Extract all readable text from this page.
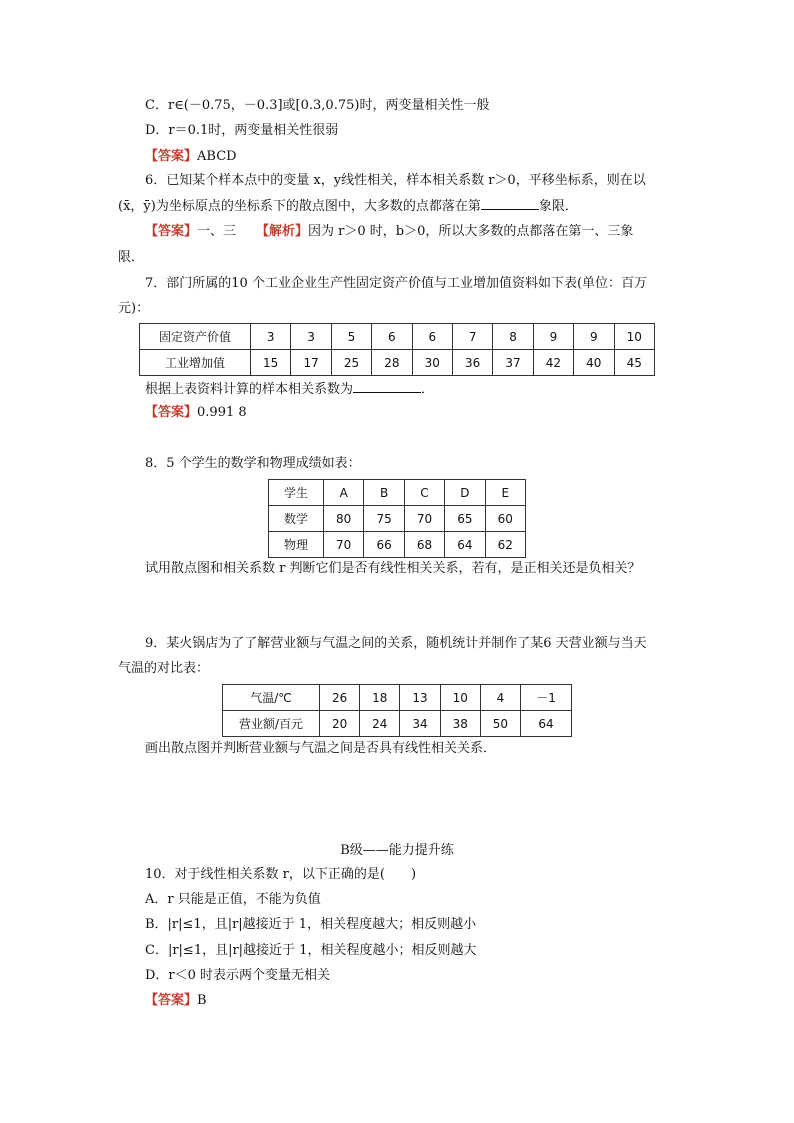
C．r∈(－0.75，－0.3]或[0.3,0.75)时，两变量相关性一般
D．r＝0.1时，两变量相关性很弱
【答案】ABCD
6．已知某个样本点中的变量 x，y线性相关，样本相关系数 r＞0，平移坐标系，则在以
(x̄，ȳ)为坐标原点的坐标系下的散点图中，大多数的点都落在第	象限．
【答案】一、三 【解析】因为 r＞0 时，b＞0，所以大多数的点都落在第一、三象
限．
7．部门所属的10 个工业企业生产性固定资产价值与工业增加值资料如下表(单位：百万
元)：
固定资产价值	3	3	5	6	6	7	8	9	9	10
工业增加值	15	17	25	28	30	36	37	42	40	45
根据上表资料计算的样本相关系数为	．
【答案】0.991 8
8．5 个学生的数学和物理成绩如表：
学生	A	B	C	D	E
数学	80	75	70	65	60
物理	70	66	68	64	62
试用散点图和相关系数 r 判断它们是否有线性相关关系，若有，是正相关还是负相关？
9．某火锅店为了了解营业额与气温之间的关系，随机统计并制作了某6 天营业额与当天
气温的对比表：
气温/℃	26	18	13	10	4	－1
营业额/百元	20	24	34	38	50	64
画出散点图并判断营业额与气温之间是否具有线性相关关系．
B级——能力提升练
10．对于线性相关系数 r，以下正确的是(　　)
A．r 只能是正值，不能为负值
B．|r|≤1，且|r|越接近于 1，相关程度越大；相反则越小
C．|r|≤1，且|r|越接近于 1，相关程度越小；相反则越大
D．r＜0 时表示两个变量无相关
【答案】B
